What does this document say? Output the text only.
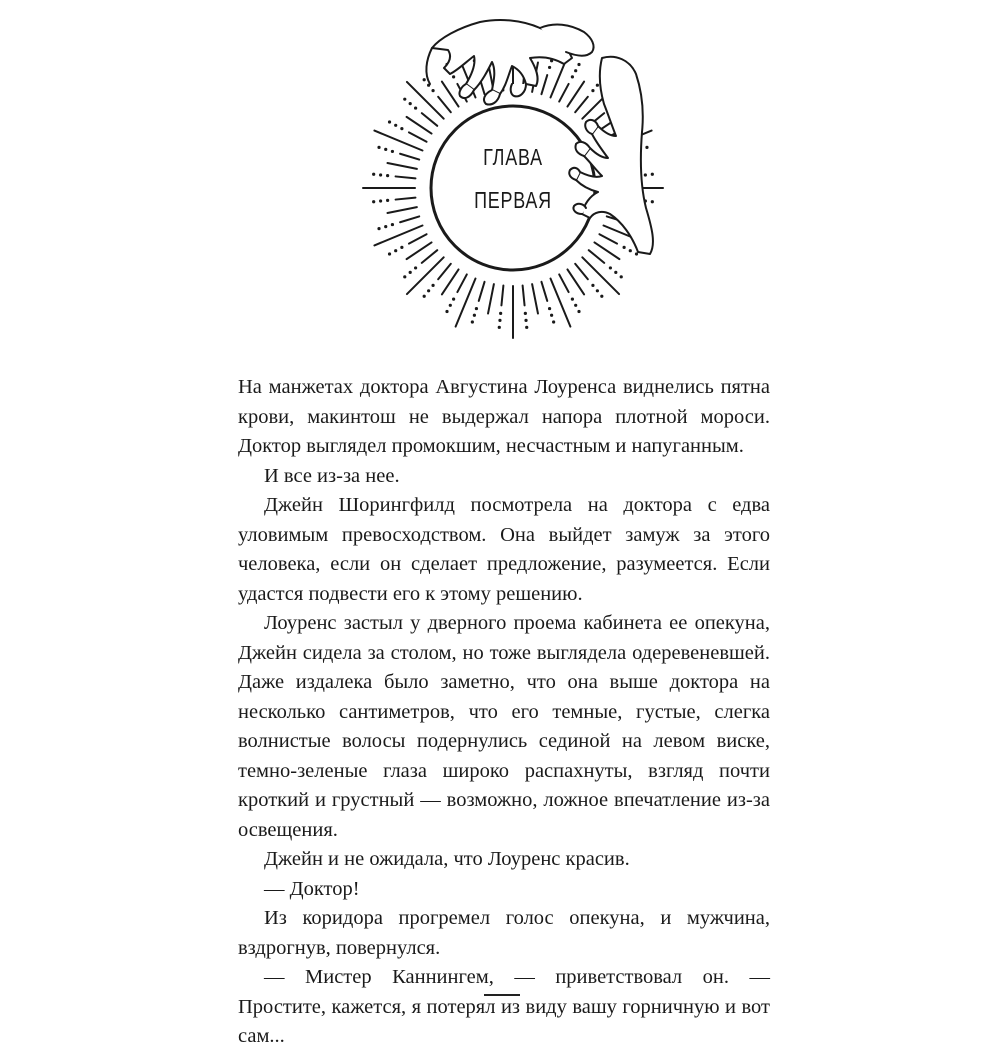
ГЛАВА
ПЕРВАЯ

На манжетах доктора Августина Лоуренса виднелись пятна крови, макинтош не выдержал напора плотной мороси. Доктор выглядел промокшим, несчастным и напуганным.

И все из-за нее.

Джейн Шорингфилд посмотрела на доктора с едва уловимым превосходством. Она выйдет замуж за этого человека, если он сделает предложение, разумеется. Если удастся подвести его к этому решению.

Лоуренс застыл у дверного проема кабинета ее опекуна, Джейн сидела за столом, но тоже выглядела одеревеневшей. Даже издалека было заметно, что она выше доктора на несколько сантиметров, что его темные, густые, слегка волнистые волосы подернулись сединой на левом виске, темно-зеленые глаза широко распахнуты, взгляд почти кроткий и грустный — возможно, ложное впечатление из-за освещения.

Джейн и не ожидала, что Лоуренс красив.

— Доктор!

Из коридора прогремел голос опекуна, и мужчина, вздрогнув, повернулся.

— Мистер Каннингем, — приветствовал он. — Простите, кажется, я потерял из виду вашу горничную и вот сам...
